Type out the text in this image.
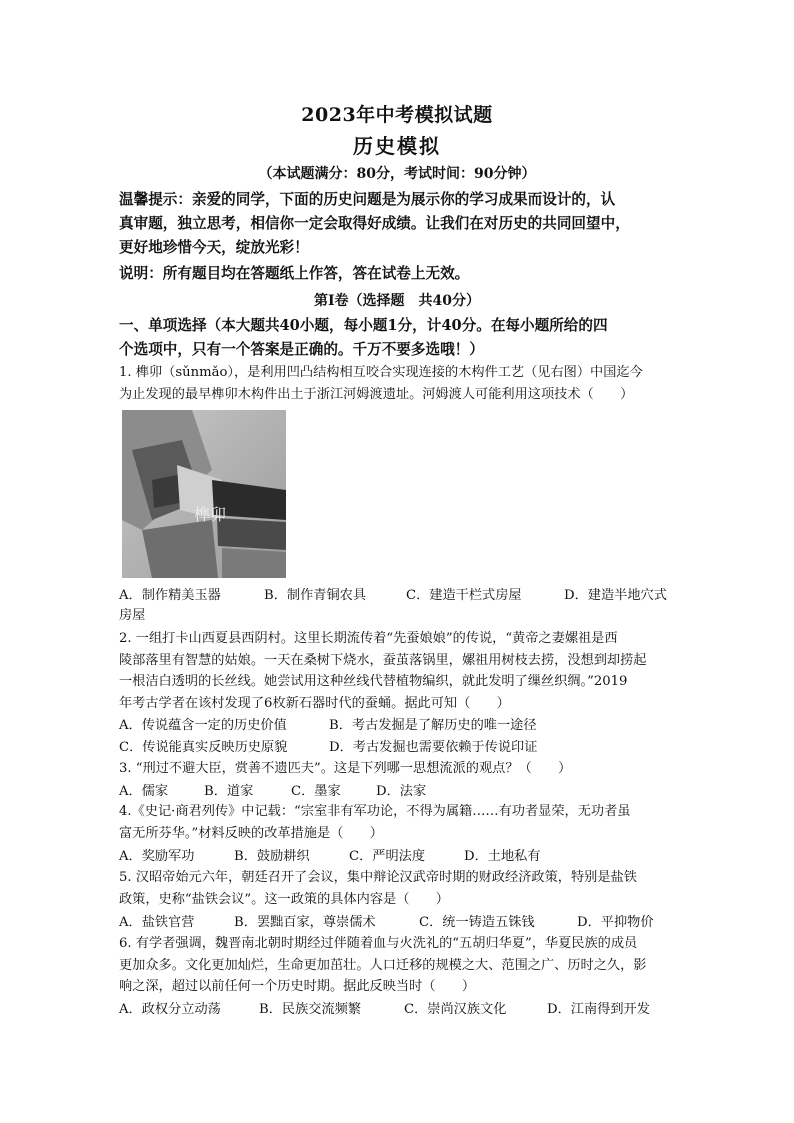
2023年中考模拟试题
历史模拟
（本试题满分：80分，考试时间：90分钟）
温馨提示：亲爱的同学，下面的历史问题是为展示你的学习成果而设计的，认
真审题，独立思考，相信你一定会取得好成绩。让我们在对历史的共同回望中，
更好地珍惜今天，绽放光彩！
说明：所有题目均在答题纸上作答，答在试卷上无效。
第Ⅰ卷（选择题　共40分）
一、单项选择（本大题共40小题，每小题1分，计40分。在每小题所给的四
个选项中，只有一个答案是正确的。千万不要多选哦！）
1. 榫卯（sǔnmǎo），是利用凹凸结构相互咬合实现连接的木构件工艺（见右图）中国迄今
为止发现的最早榫卯木构件出土于浙江河姆渡遗址。河姆渡人可能利用这项技术（　　）
榫卯
A．制作精美玉器	B．制作青铜农具	C．建造干栏式房屋	D．建造半地穴式
房屋
2. 一组打卡山西夏县西阴村。这里长期流传着“先蚕娘娘”的传说，“黄帝之妻嫘祖是西
陵部落里有智慧的姑娘。一天在桑树下烧水，蚕茧落锅里，嫘祖用树枝去捞，没想到却捞起
一根洁白透明的长丝线。她尝试用这种丝线代替植物编织，就此发明了缫丝织绸。”2019
年考古学者在该村发现了6枚新石器时代的蚕蛹。据此可知（　　）
A．传说蕴含一定的历史价值	B．考古发掘是了解历史的唯一途径
C．传说能真实反映历史原貌	D．考古发掘也需要依赖于传说印证
3. “刑过不避大臣，赏善不遗匹夫”。这是下列哪一思想流派的观点？（　　）
A．儒家	B．道家	C．墨家	D．法家
4.《史记·商君列传》中记载：“宗室非有军功论，不得为属籍……有功者显荣，无功者虽
富无所芬华。”材料反映的改革措施是（　　）
A．奖励军功	B．鼓励耕织	C．严明法度	D．土地私有
5. 汉昭帝始元六年，朝廷召开了会议，集中辩论汉武帝时期的财政经济政策，特别是盐铁
政策，史称“盐铁会议”。这一政策的具体内容是（　　）
A．盐铁官营	B．罢黜百家，尊崇儒术	C．统一铸造五铢钱	D．平抑物价
6. 有学者强调，魏晋南北朝时期经过伴随着血与火洗礼的“五胡归华夏”，华夏民族的成员
更加众多。文化更加灿烂，生命更加茁壮。人口迁移的规模之大、范围之广、历时之久，影
响之深，超过以前任何一个历史时期。据此反映当时（　　）
A．政权分立动荡	B．民族交流频繁	C．崇尚汉族文化	D．江南得到开发
